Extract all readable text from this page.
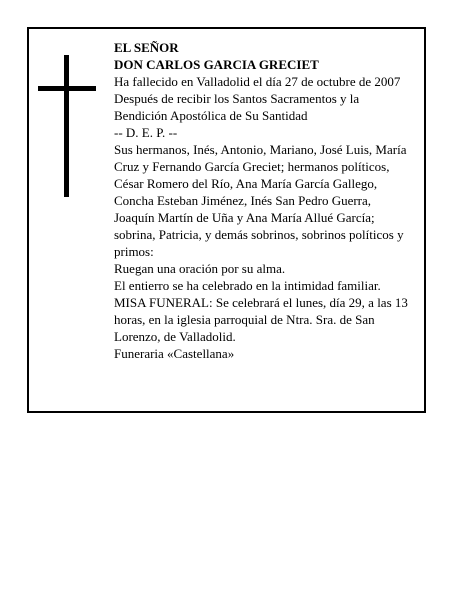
EL SEÑOR

DON CARLOS GARCIA GRECIET

Ha fallecido en Valladolid el día 27 de octubre de 2007

Después de recibir los Santos Sacramentos y la Bendición Apostólica de Su Santidad

-- D. E. P. --

Sus hermanos, Inés, Antonio, Mariano, José Luis, María Cruz y Fernando García Greciet; hermanos políticos, César Romero del Río, Ana María García Gallego, Concha Esteban Jiménez, Inés San Pedro Guerra, Joaquín Martín de Uña y Ana María Allué García; sobrina, Patricia, y demás sobrinos, sobrinos políticos y primos:

Ruegan una oración por su alma.

El entierro se ha celebrado en la intimidad familiar.

MISA FUNERAL: Se celebrará el lunes, día 29, a las 13 horas, en la iglesia parroquial de Ntra. Sra. de San Lorenzo, de Valladolid.

Funeraria «Castellana»
